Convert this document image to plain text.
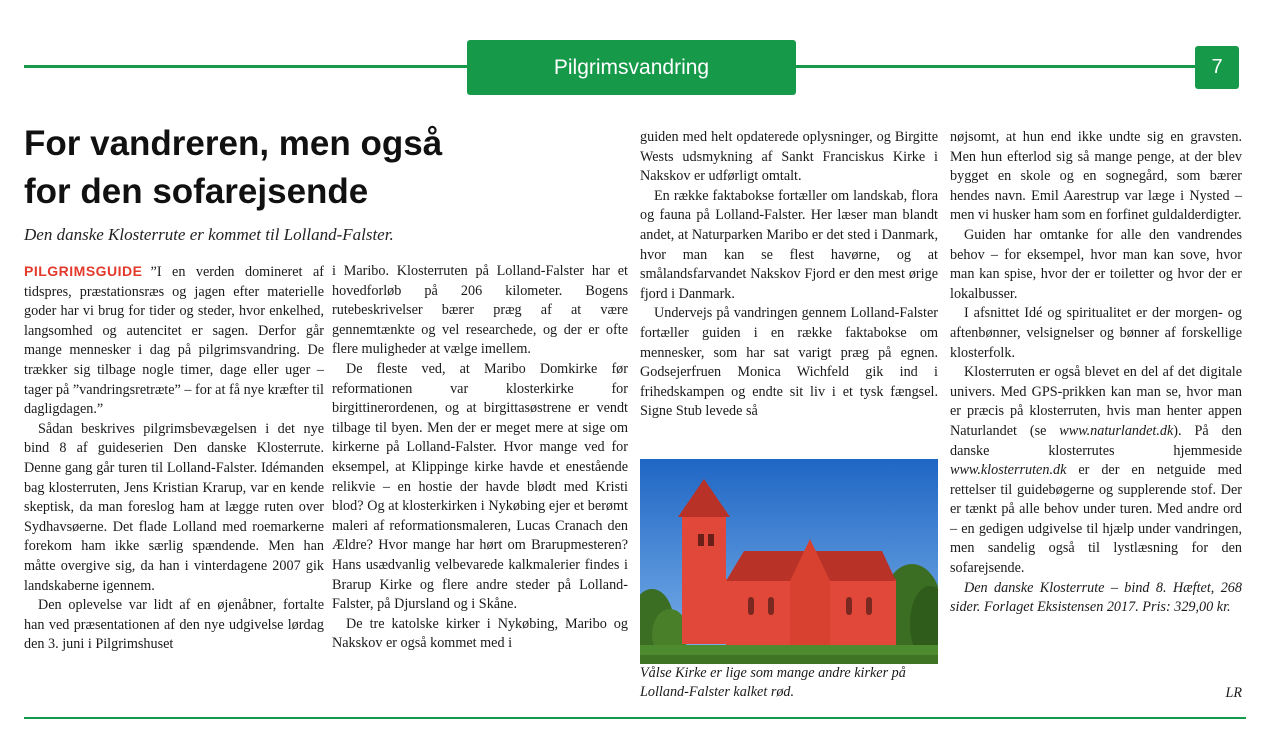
Pilgrimsvandring	7
For vandreren, men også
for den sofarejsende

Den danske Klosterrute er kommet til Lolland-Falster.

PILGRIMSGUIDE ”I en verden domineret af tidspres, præstationsræs og jagen efter materielle goder har vi brug for tider og steder, hvor enkelhed, langsomhed og autencitet er sagen. Derfor går mange mennesker i dag på pilgrimsvandring. De trækker sig tilbage nogle timer, dage eller uger – tager på ”vandringsretræte” – for at få nye kræfter til dagligdagen.”

Sådan beskrives pilgrimsbevægelsen i det nye bind 8 af guideserien Den danske Klosterrute. Denne gang går turen til Lolland-Falster. Idémanden bag klosterruten, Jens Kristian Krarup, var en kende skeptisk, da man foreslog ham at lægge ruten over Sydhavsøerne. Det flade Lolland med roemarkerne forekom ham ikke særlig spændende. Men han måtte overgive sig, da han i vinterdagene 2007 gik landskaberne igennem.

Den oplevelse var lidt af en øjenåbner, fortalte han ved præsentationen af den nye udgivelse lørdag den 3. juni i Pilgrimshuset

i Maribo. Klosterruten på Lolland-Falster har et hovedforløb på 206 kilometer. Bogens rutebeskrivelser bærer præg af at være gennemtænkte og vel researchede, og der er ofte flere muligheder at vælge imellem.

De fleste ved, at Maribo Domkirke før reformationen var klosterkirke for birgittinerordenen, og at birgittasøstrene er vendt tilbage til byen. Men der er meget mere at sige om kirkerne på Lolland-Falster. Hvor mange ved for eksempel, at Klippinge kirke havde et enestående relikvie – en hostie der havde blødt med Kristi blod? Og at klosterkirken i Nykøbing ejer et berømt maleri af reformationsmaleren, Lucas Cranach den Ældre? Hvor mange har hørt om Brarupmesteren? Hans usædvanlig velbevarede kalkmalerier findes i Brarup Kirke og flere andre steder på Lolland-Falster, på Djursland og i Skåne.

De tre katolske kirker i Nykøbing, Maribo og Nakskov er også kommet med i

guiden med helt opdaterede oplysninger, og Birgitte Wests udsmykning af Sankt Franciskus Kirke i Nakskov er udførligt omtalt.

En række faktabokse fortæller om landskab, flora og fauna på Lolland-Falster. Her læser man blandt andet, at Naturparken Maribo er det sted i Danmark, hvor man kan se flest havørne, og at smålandsfarvandet Nakskov Fjord er den mest ørige fjord i Danmark.

Undervejs på vandringen gennem Lolland-Falster fortæller guiden i en række faktabokse om mennesker, som har sat varigt præg på egnen. Godsejerfruen Monica Wichfeld gik ind i frihedskampen og endte sit liv i et tysk fængsel. Signe Stub levede så

Vålse Kirke er lige som mange andre kirker på Lolland-Falster kalket rød.

nøjsomt, at hun end ikke undte sig en gravsten. Men hun efterlod sig så mange penge, at der blev bygget en skole og en sognegård, som bærer hendes navn. Emil Aarestrup var læge i Nysted – men vi husker ham som en forfinet guldalderdigter.

Guiden har omtanke for alle den vandrendes behov – for eksempel, hvor man kan sove, hvor man kan spise, hvor der er toiletter og hvor der er lokalbusser.

I afsnittet Idé og spiritualitet er der morgen- og aftenbønner, velsignelser og bønner af forskellige klosterfolk.

Klosterruten er også blevet en del af det digitale univers. Med GPS-prikken kan man se, hvor man er præcis på klosterruten, hvis man henter appen Naturlandet (se www.naturlandet.dk). På den danske klosterrutes hjemmeside www.klosterruten.dk er der en netguide med rettelser til guidebøgerne og supplerende stof. Der er tænkt på alle behov under turen. Med andre ord – en gedigen udgivelse til hjælp under vandringen, men sandelig også til lystlæsning for den sofarejsende.

Den danske Klosterrute – bind 8. Hæftet, 268 sider. Forlaget Eksistensen 2017. Pris: 329,00 kr.

LR
